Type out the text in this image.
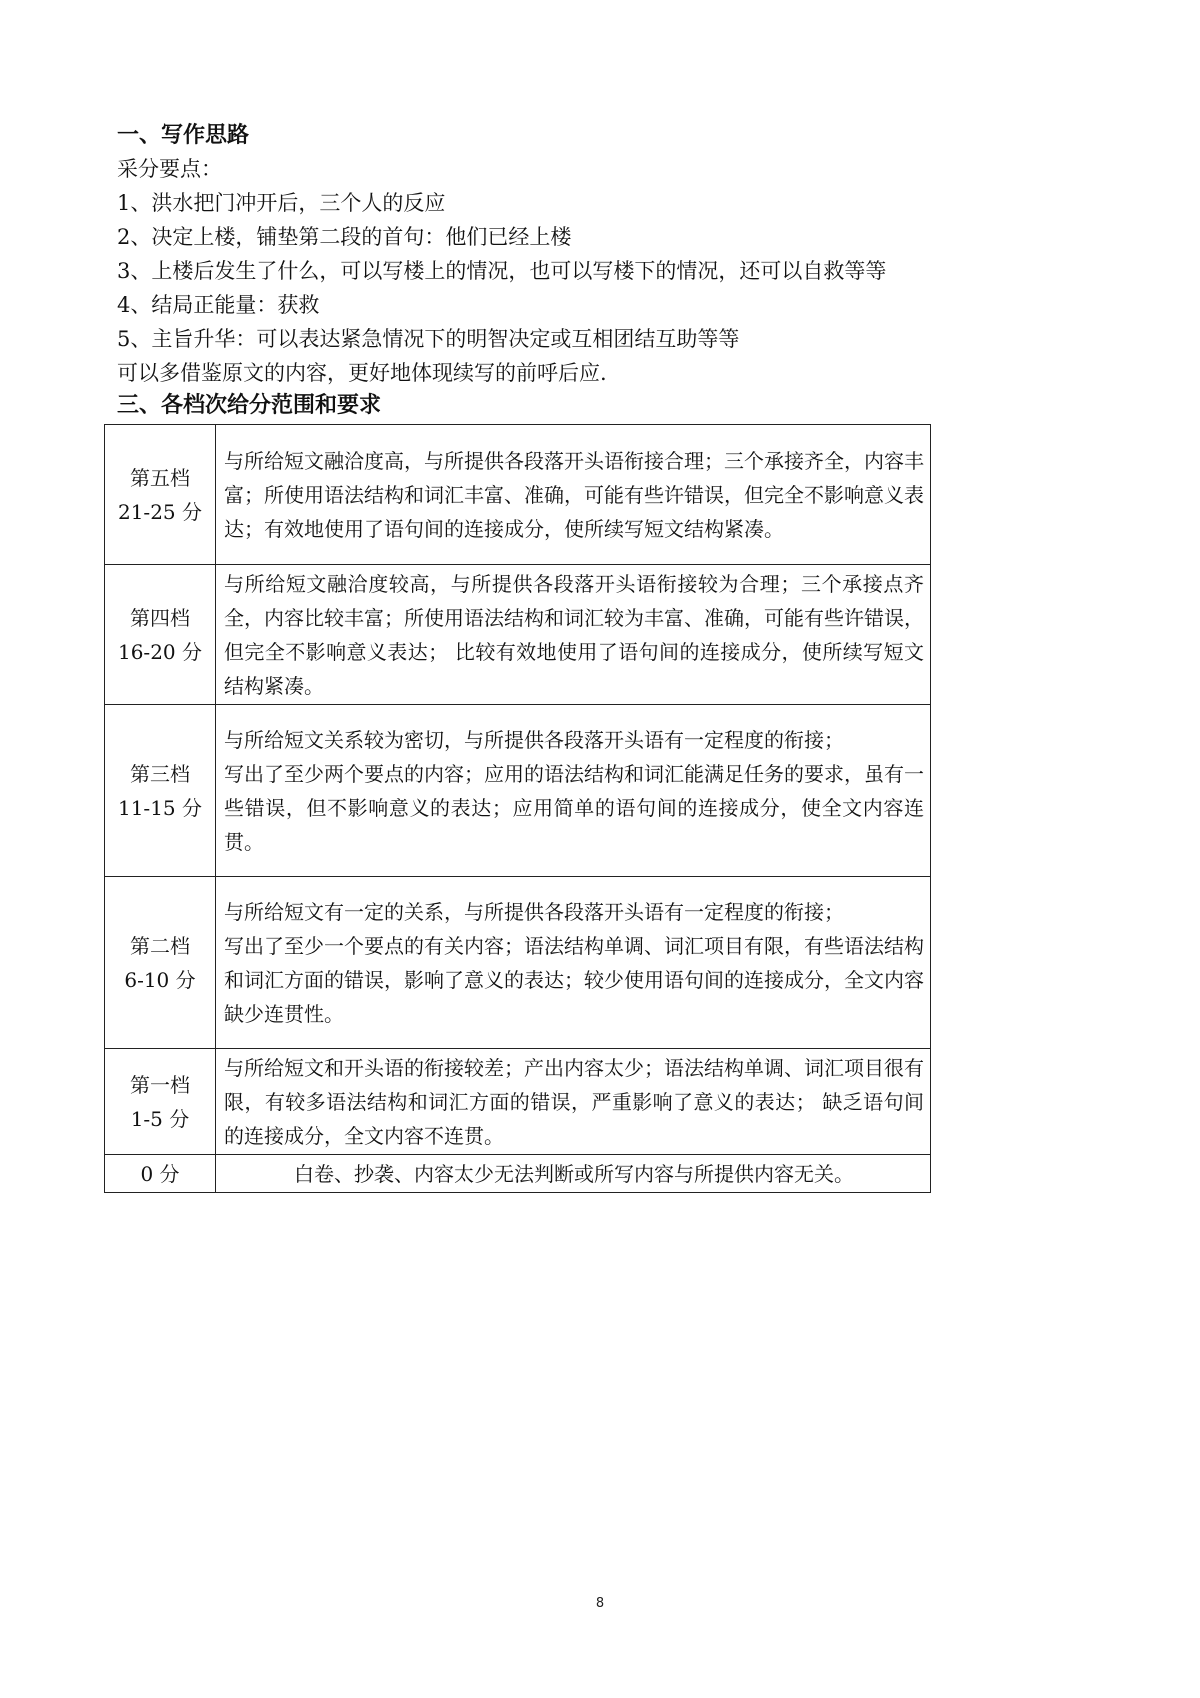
一、写作思路
采分要点：
1、洪水把门冲开后，三个人的反应
2、决定上楼，铺垫第二段的首句：他们已经上楼
3、上楼后发生了什么，可以写楼上的情况，也可以写楼下的情况，还可以自救等等
4、结局正能量：获救
5、主旨升华：可以表达紧急情况下的明智决定或互相团结互助等等
可以多借鉴原文的内容，更好地体现续写的前呼后应.
三、各档次给分范围和要求
第五档
21-25 分	与所给短文融洽度高，与所提供各段落开头语衔接合理；三个承接齐全，内容丰富；所使用语法结构和词汇丰富、准确，可能有些许错误，但完全不影响意义表达；有效地使用了语句间的连接成分，使所续写短文结构紧凑。

第四档
16-20 分	与所给短文融洽度较高，与所提供各段落开头语衔接较为合理；三个承接点齐全，内容比较丰富；所使用语法结构和词汇较为丰富、准确，可能有些许错误，但完全不影响意义表达； 比较有效地使用了语句间的连接成分，使所续写短文结构紧凑。

第三档
11-15 分	与所给短文关系较为密切，与所提供各段落开头语有一定程度的衔接；
写出了至少两个要点的内容；应用的语法结构和词汇能满足任务的要求，虽有一些错误，但不影响意义的表达；应用简单的语句间的连接成分，使全文内容连贯。

第二档
6-10 分	与所给短文有一定的关系，与所提供各段落开头语有一定程度的衔接；
写出了至少一个要点的有关内容；语法结构单调、词汇项目有限，有些语法结构和词汇方面的错误，影响了意义的表达；较少使用语句间的连接成分，全文内容缺少连贯性。

第一档
1-5 分	与所给短文和开头语的衔接较差；产出内容太少；语法结构单调、词汇项目很有限，有较多语法结构和词汇方面的错误，严重影响了意义的表达； 缺乏语句间的连接成分，全文内容不连贯。

0 分	白卷、抄袭、内容太少无法判断或所写内容与所提供内容无关。
8
